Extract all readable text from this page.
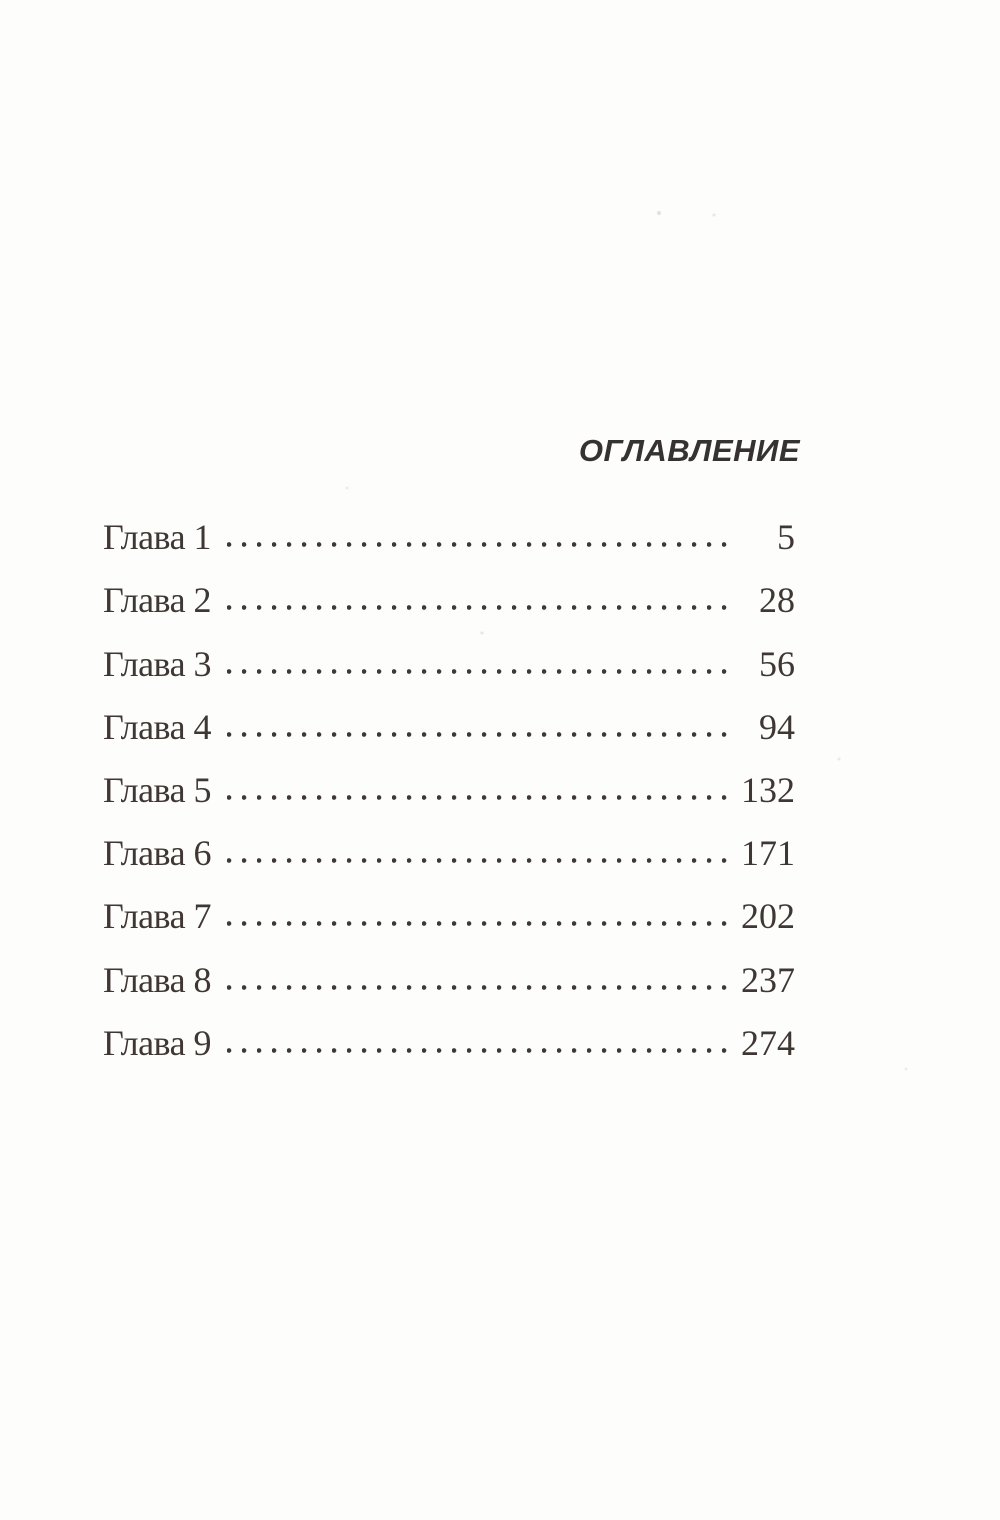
ОГЛАВЛЕНИЕ
Глава 1	5
Глава 2	28
Глава 3	56
Глава 4	94
Глава 5	132
Глава 6	171
Глава 7	202
Глава 8	237
Глава 9	274
